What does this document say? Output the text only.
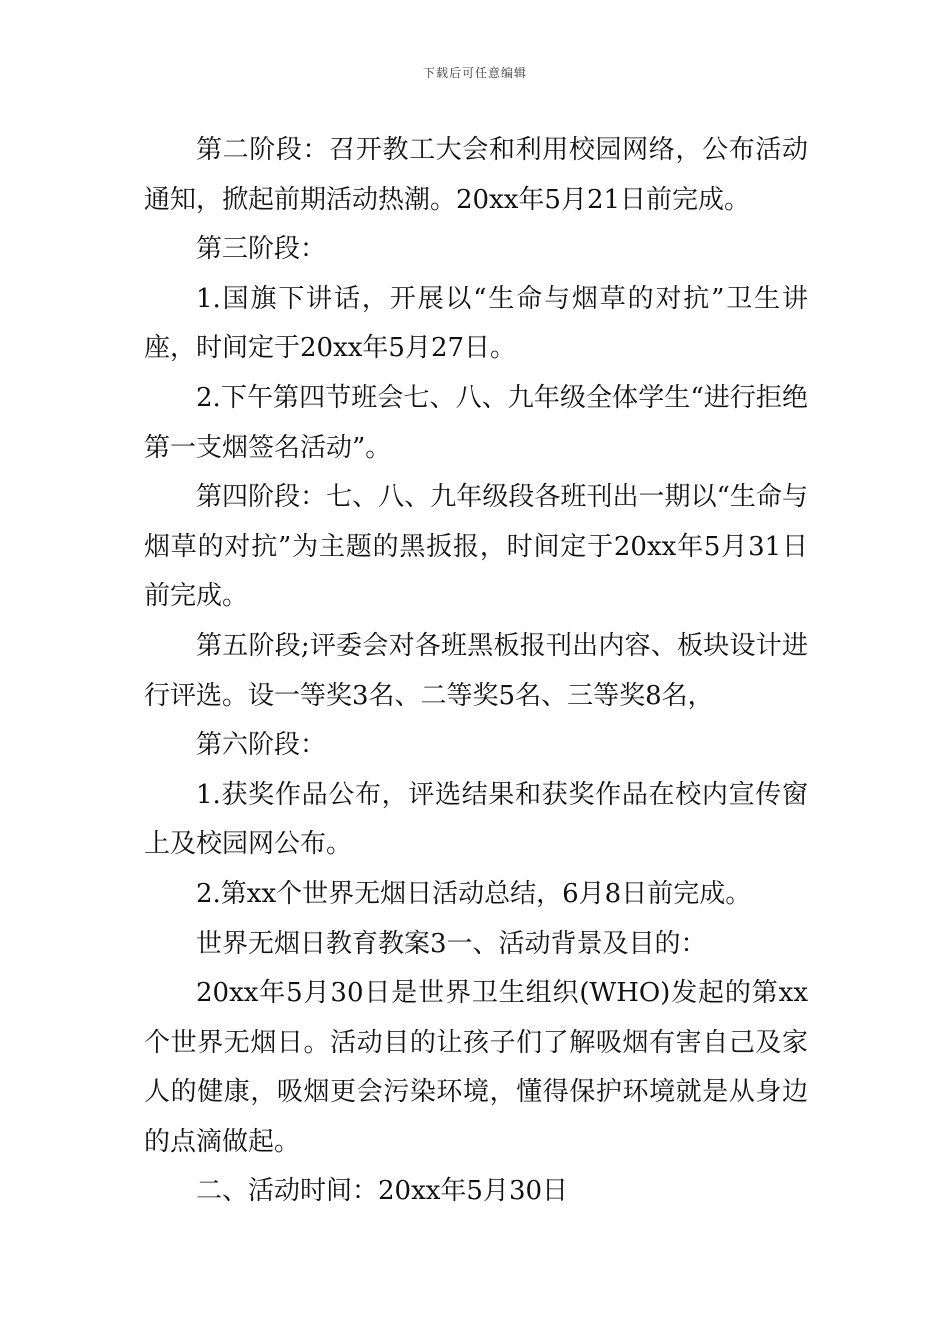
下载后可任意编辑

第二阶段：召开教工大会和利用校园网络，公布活动通知，掀起前期活动热潮。20xx年5月21日前完成。

第三阶段：

1.国旗下讲话，开展以“生命与烟草的对抗”卫生讲座，时间定于20xx年5月27日。

2.下午第四节班会七、八、九年级全体学生“进行拒绝第一支烟签名活动”。

第四阶段：七、八、九年级段各班刊出一期以“生命与烟草的对抗”为主题的黑扳报，时间定于20xx年5月31日前完成。

第五阶段;评委会对各班黑板报刊出内容、板块设计进行评选。设一等奖3名、二等奖5名、三等奖8名，

第六阶段：

1.获奖作品公布，评选结果和获奖作品在校内宣传窗上及校园网公布。

2.第xx个世界无烟日活动总结，6月8日前完成。

世界无烟日教育教案3一、活动背景及目的：

20xx年5月30日是世界卫生组织(WHO)发起的第xx个世界无烟日。活动目的让孩子们了解吸烟有害自己及家人的健康，吸烟更会污染环境，懂得保护环境就是从身边的点滴做起。

二、活动时间：20xx年5月30日
